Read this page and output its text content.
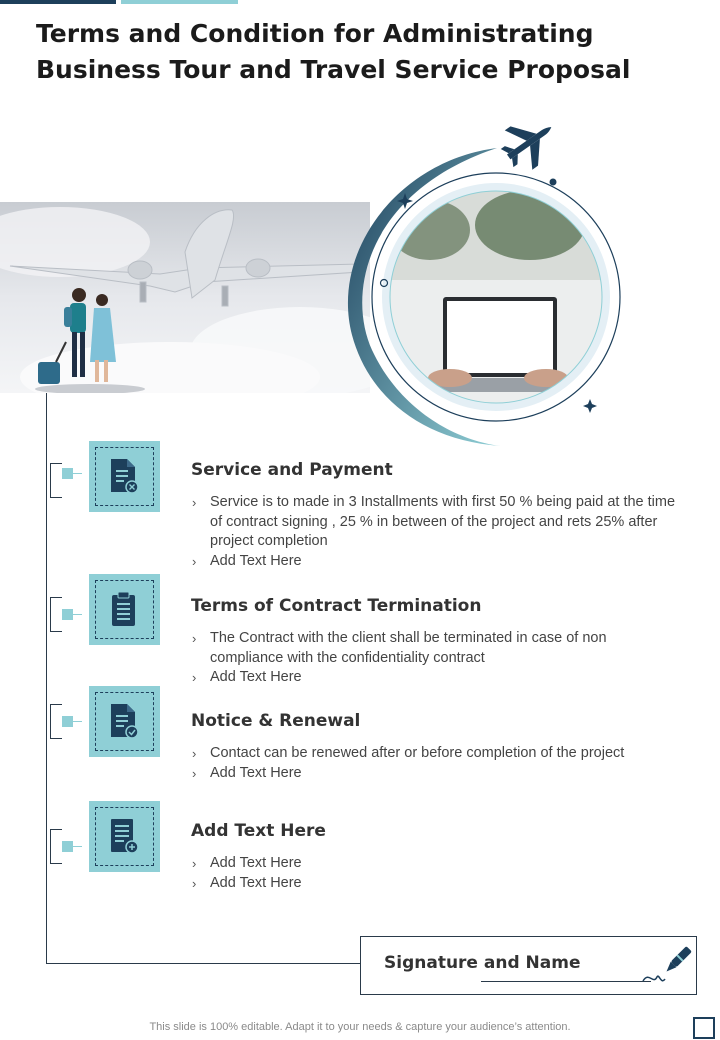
Terms and Condition for Administrating
Business Tour and Travel Service Proposal
Service and Payment
› Service is to made in 3 Installments with first 50 % being paid at the time of contract signing , 25 % in between of the project and rets 25% after project completion
› Add Text Here
Terms of Contract Termination
› The Contract with the client shall be terminated in case of non compliance with the confidentiality contract
› Add Text Here
Notice & Renewal
› Contact can be renewed after or before completion of the project
› Add Text Here
Add Text Here
› Add Text Here
› Add Text Here
Signature and Name
This slide is 100% editable. Adapt it to your needs & capture your audience’s attention.
